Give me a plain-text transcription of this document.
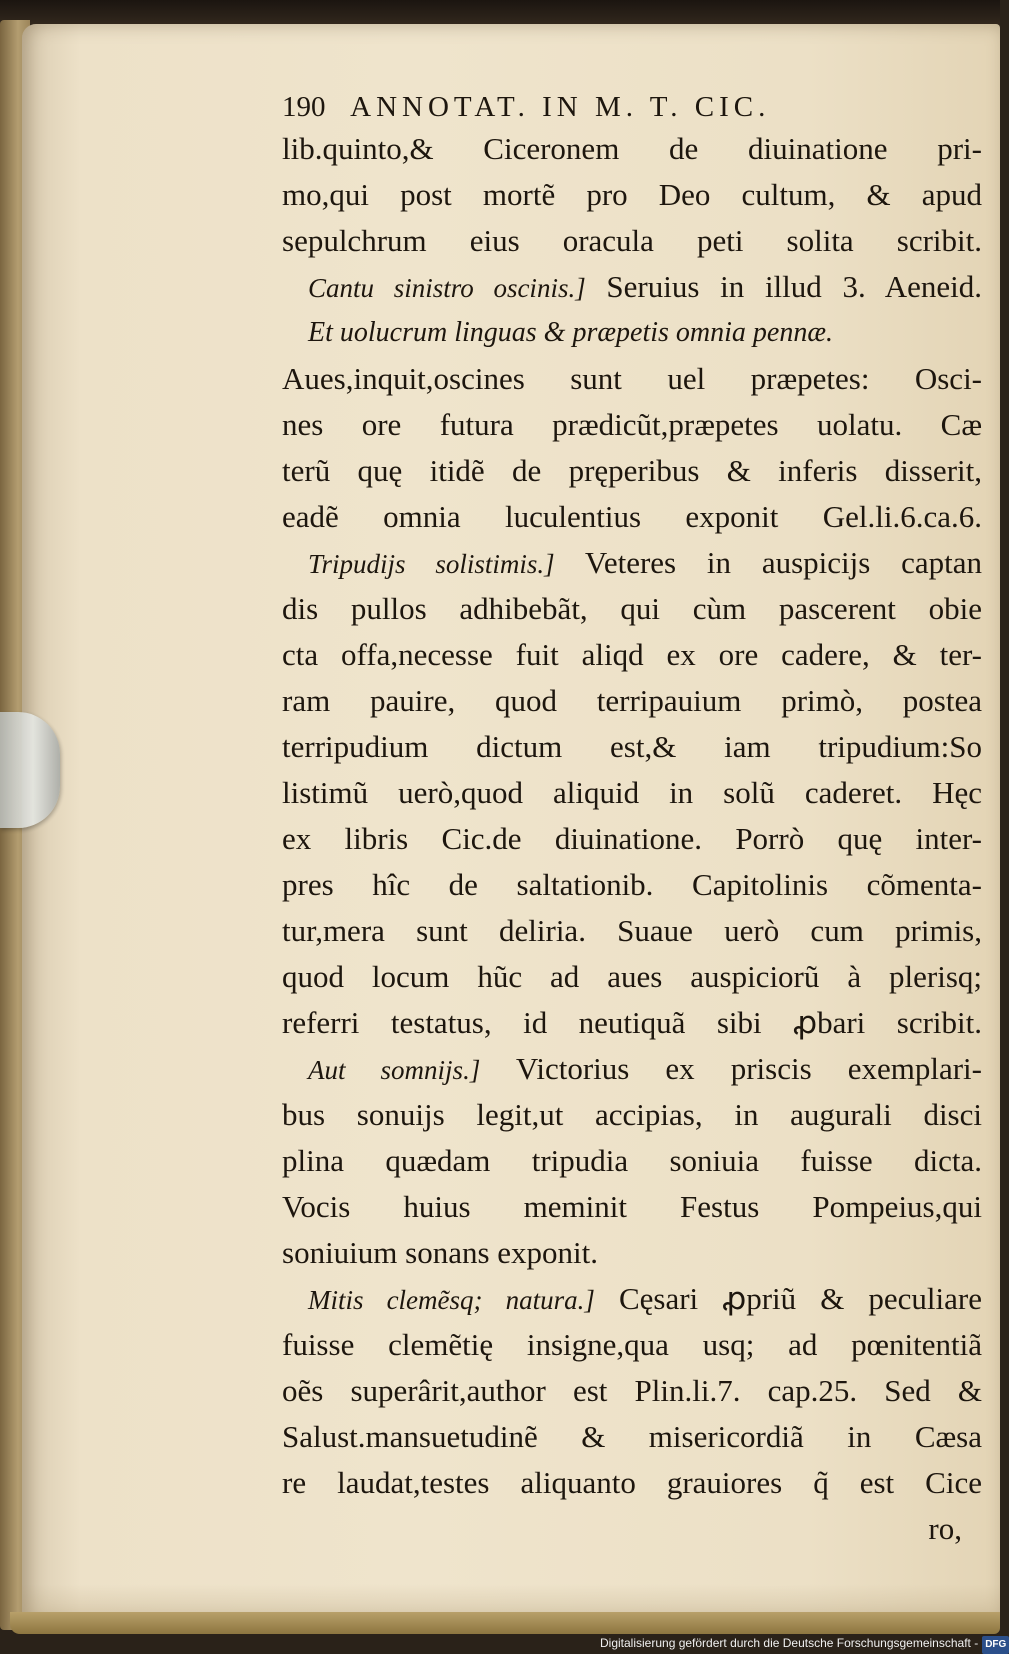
190 ANNOTAT. IN M. T. CIC.
lib.quinto,& Ciceronem de diuinatione pri-
mo,qui post mortẽ pro Deo cultum, & apud
sepulchrum eius oracula peti solita scribit.
Cantu sinistro oscinis.] Seruius in illud 3. Aeneid.
Et uolucrum linguas & præpetis omnia pennæ.
Aues,inquit,oscines sunt uel præpetes: Osci-
nes ore futura prædicũt,præpetes uolatu. Cæ
terũ quę itidẽ de pręperibus & inferis disserit,
eadẽ omnia luculentius exponit Gel.li.6.ca.6.
Tripudijs solistimis.] Veteres in auspicijs captan
dis pullos adhibebãt, qui cùm pascerent obie
cta offa,necesse fuit aliqd ex ore cadere, & ter-
ram pauire, quod terripauium primò, postea
terripudium dictum est,& iam tripudium:So
listimũ uerò,quod aliquid in solũ caderet. Hęc
ex libris Cic.de diuinatione. Porrò quę inter-
pres hîc de saltationib. Capitolinis cõmenta-
tur,mera sunt deliria. Suaue uerò cum primis,
quod locum hũc ad aues auspiciorũ à plerisq;
referri testatus, id neutiquã sibi ꝓbari scribit.
Aut somnijs.] Victorius ex priscis exemplari-
bus sonuijs legit,ut accipias, in augurali disci
plina quædam tripudia soniuia fuisse dicta.
Vocis huius meminit Festus Pompeius,qui
soniuium sonans exponit.
Mitis clemẽsq; natura.] Cęsari ꝓpriũ & peculiare
fuisse clemẽtię insigne,qua usq; ad pœnitentiã
oẽs superârit,author est Plin.li.7. cap.25. Sed &
Salust.mansuetudinẽ & misericordiã in Cæsa
re laudat,testes aliquanto grauiores q̃ est Cice
ro,
Digitalisierung gefördert durch die Deutsche Forschungsgemeinschaft - DFG
